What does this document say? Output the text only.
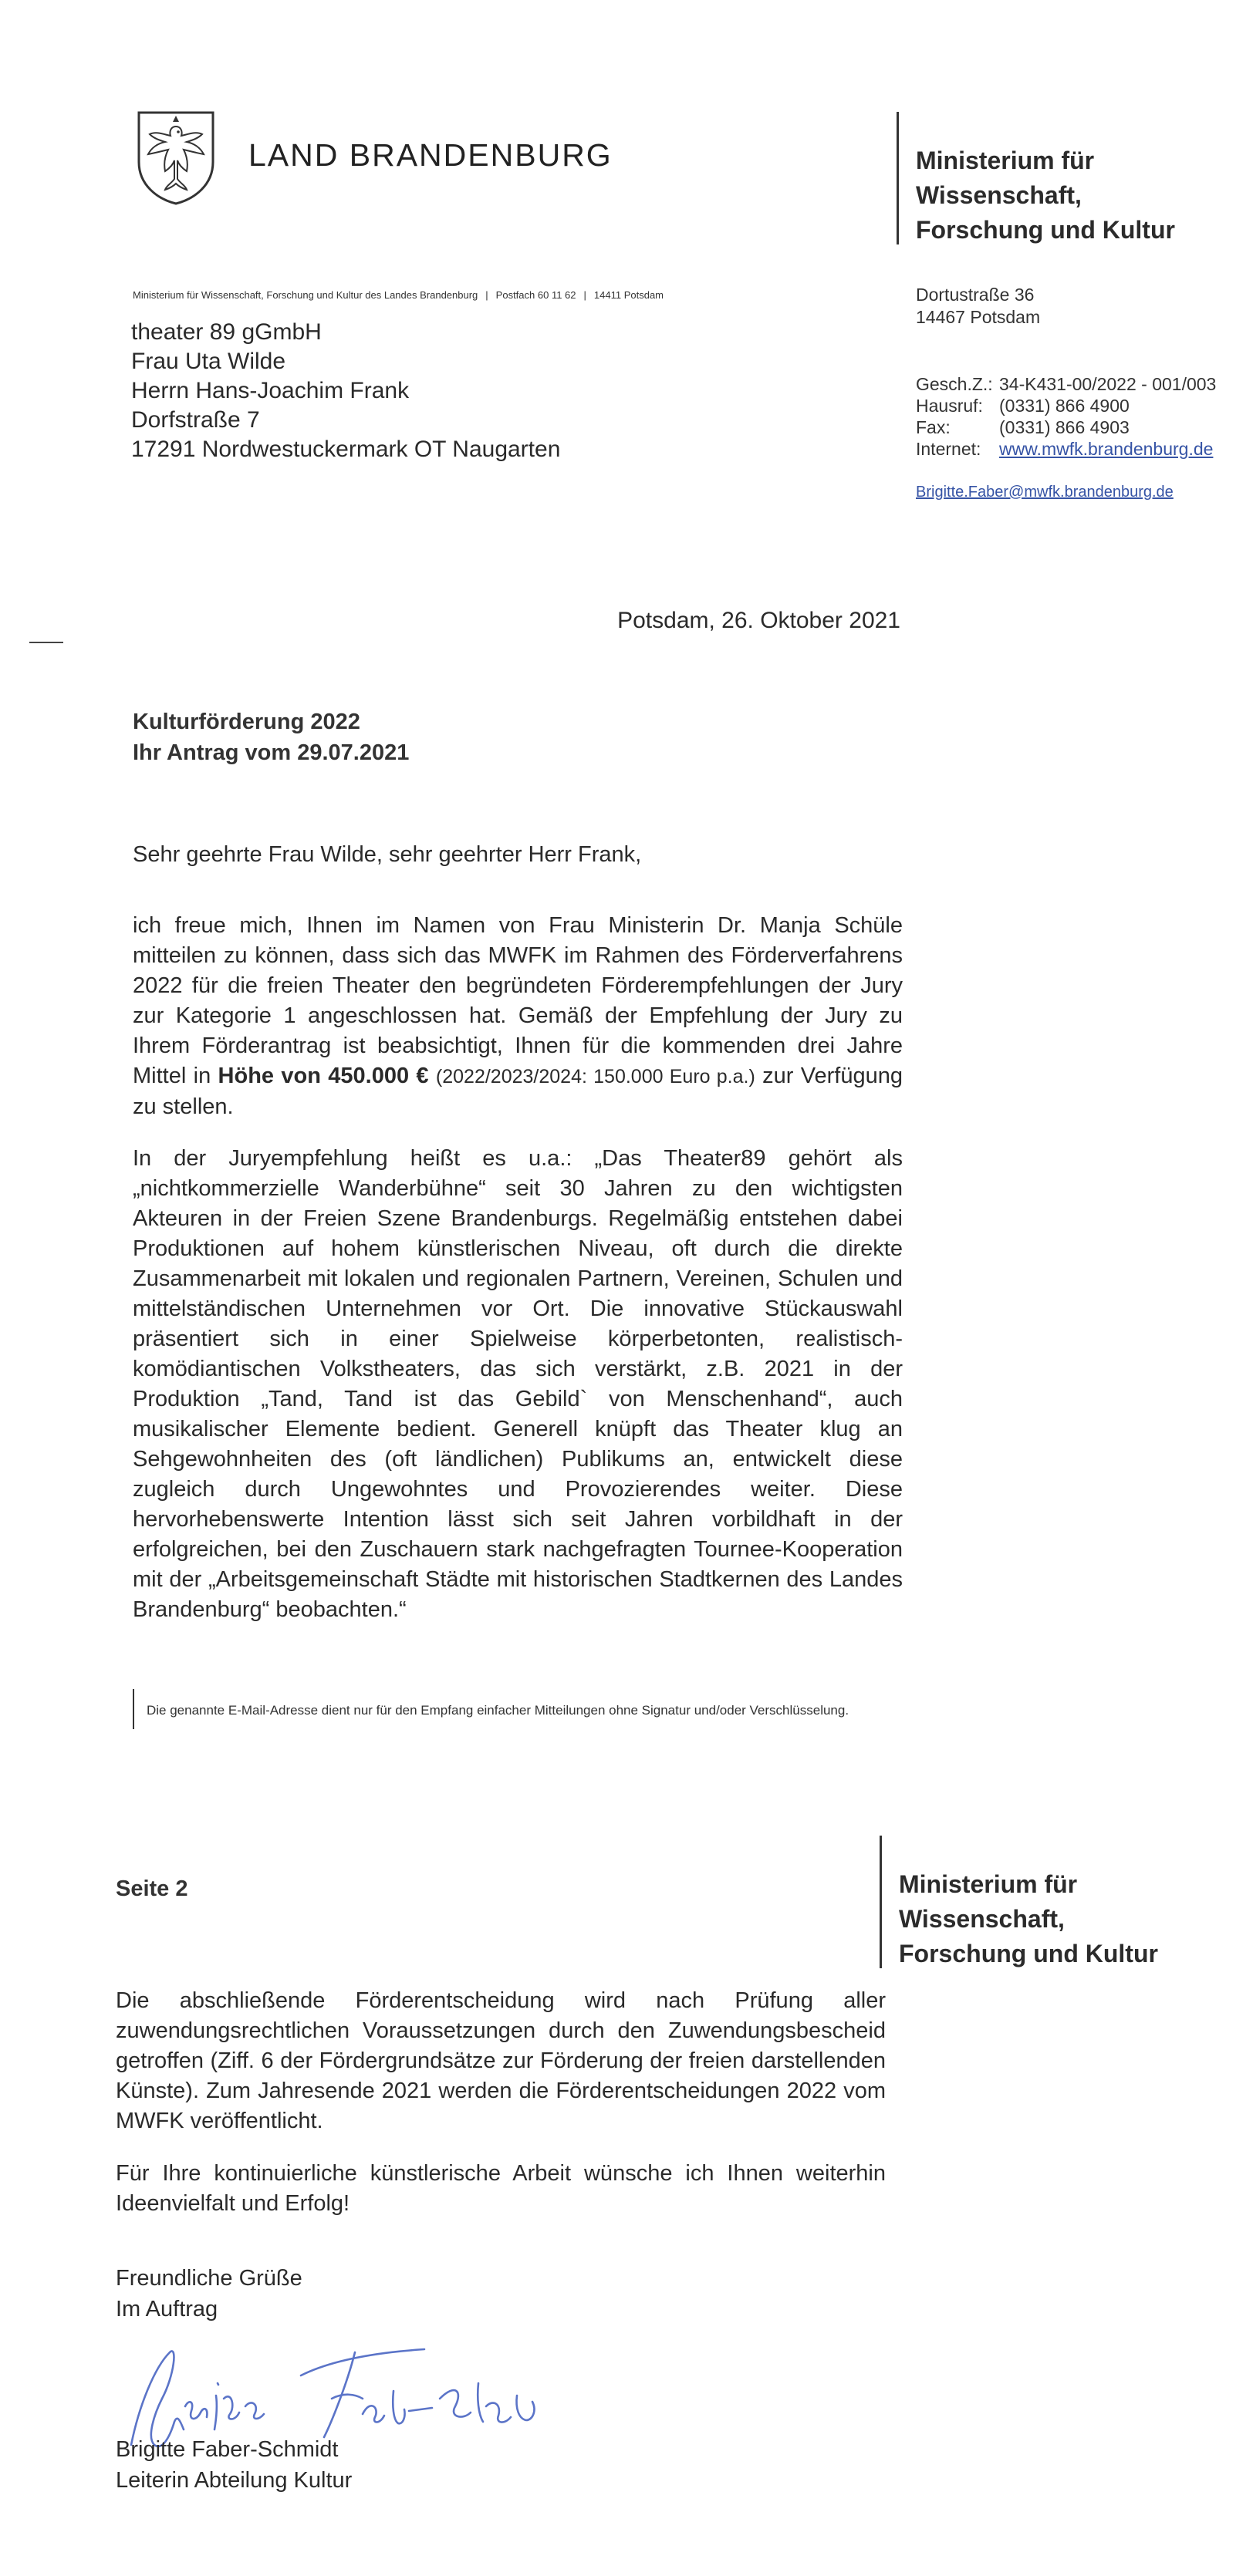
LAND BRANDENBURG	Ministerium für
Wissenschaft,
Forschung und Kultur
Ministerium für Wissenschaft, Forschung und Kultur des Landes Brandenburg | Postfach 60 11 62 | 14411 Potsdam
theater 89 gGmbH
Frau Uta Wilde
Herrn Hans-Joachim Frank
Dorfstraße 7
17291 Nordwestuckermark OT Naugarten
Dortustraße 36
14467 Potsdam
Gesch.Z.: 34-K431-00/2022 - 001/003
Hausruf: (0331) 866 4900
Fax:	(0331) 866 4903
Internet:	www.mwfk.brandenburg.de
Brigitte.Faber@mwfk.brandenburg.de
Potsdam, 26. Oktober 2021
Kulturförderung 2022
Ihr Antrag vom 29.07.2021
Sehr geehrte Frau Wilde, sehr geehrter Herr Frank,
ich freue mich, Ihnen im Namen von Frau Ministerin Dr. Manja Schüle mitteilen zu können, dass sich das MWFK im Rahmen des Förderverfahrens 2022 für die freien Theater den begründeten Förderempfehlungen der Jury zur Kategorie 1 angeschlossen hat. Gemäß der Empfehlung der Jury zu Ihrem Förderantrag ist beabsichtigt, Ihnen für die kommenden drei Jahre Mittel in Höhe von 450.000 € (2022/2023/2024: 150.000 Euro p.a.) zur Verfügung zu stellen.
In der Juryempfehlung heißt es u.a.: „Das Theater89 gehört als „nichtkommerzielle Wanderbühne“ seit 30 Jahren zu den wichtigsten Akteuren in der Freien Szene Brandenburgs. Regelmäßig entstehen dabei Produktionen auf hohem künstlerischen Niveau, oft durch die direkte Zusammenarbeit mit lokalen und regionalen Partnern, Vereinen, Schulen und mittelständischen Unternehmen vor Ort. Die innovative Stückauswahl präsentiert sich in einer Spielweise körperbetonten, realistisch-komödiantischen Volkstheaters, das sich verstärkt, z.B. 2021 in der Produktion „Tand, Tand ist das Gebild` von Menschenhand“, auch musikalischer Elemente bedient. Generell knüpft das Theater klug an Sehgewohnheiten des (oft ländlichen) Publikums an, entwickelt diese zugleich durch Ungewohntes und Provozierendes weiter. Diese hervorhebenswerte Intention lässt sich seit Jahren vorbildhaft in der erfolgreichen, bei den Zuschauern stark nachgefragten Tournee-Kooperation mit der „Arbeitsgemeinschaft Städte mit historischen Stadtkernen des Landes Brandenburg“ beobachten.“
Die genannte E-Mail-Adresse dient nur für den Empfang einfacher Mitteilungen ohne Signatur und/oder Verschlüsselung.
Seite 2	Ministerium für
Wissenschaft,
Forschung und Kultur
Die abschließende Förderentscheidung wird nach Prüfung aller zuwendungsrechtlichen Voraussetzungen durch den Zuwendungsbescheid getroffen (Ziff. 6 der Fördergrundsätze zur Förderung der freien darstellenden Künste). Zum Jahresende 2021 werden die Förderentscheidungen 2022 vom MWFK veröffentlicht.
Für Ihre kontinuierliche künstlerische Arbeit wünsche ich Ihnen weiterhin Ideenvielfalt und Erfolg!
Freundliche Grüße
Im Auftrag
Brigitte Faber-Schmidt
Leiterin Abteilung Kultur
